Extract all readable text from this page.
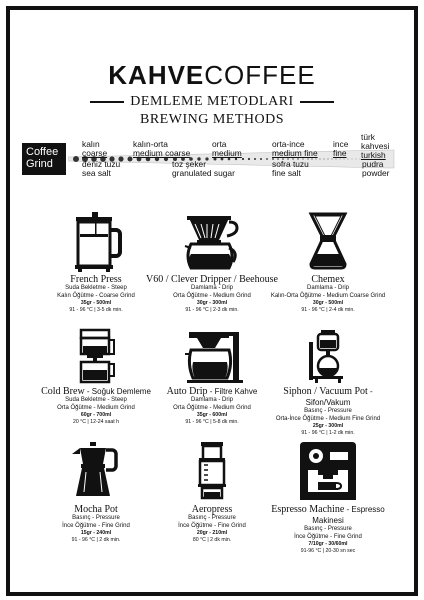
KAHVECOFFEE
DEMLEME METODLARI
BREWING METHODS
Coffee
Grind
kalın
coarse
kalın-orta
medium coarse
orta
medium
orta-ince
medium fine
ince
fine
türk kahvesi
turkish
deniz tuzu
sea salt
toz şeker
granulated sugar
sofra tuzu
fine salt
pudra
powder
French Press
Suda Bekletme - Steep
Kalın Öğütme - Coarse Grind
35gr - 500ml
91 - 96 °C | 3-5 dk min.
V60 / Clever Dripper / Beehouse
Damlama - Drip
Orta Öğütme - Medium Grind
30gr - 300ml
91 - 96 °C | 2-3 dk min.
Chemex
Damlama - Drip
Kalın-Orta Öğütme - Medium Coarse Grind
30gr - 500ml
91 - 96 °C | 2-4 dk min.
Cold Brew - Soğuk Demleme
Suda Bekletme - Steep
Orta Öğütme - Medium Grind
60gr - 700ml
20 °C | 12-24 saat h
Auto Drip - Filtre Kahve
Damlama - Drip
Orta Öğütme - Medium Grind
35gr - 600ml
91 - 96 °C | 5-8 dk min.
Siphon / Vacuum Pot - Sifon/Vakum
Basınç - Pressure
Orta-İnce Öğütme - Medium Fine Grind
25gr - 300ml
91 - 96 °C | 1-2 dk min.
Mocha Pot
Basınç - Pressure
İnce Öğütme - Fine Grind
15gr - 240ml
91 - 96 °C | 2 dk min.
Aeropress
Basınç - Pressure
İnce Öğütme - Fine Grind
20gr - 210ml
80 °C | 2 dk min.
Espresso Machine - Espresso Makinesi
Basınç - Pressure
İnce Öğütme - Fine Grind
7/10gr - 30/60ml
91-96 °C | 20-30 sn sec
